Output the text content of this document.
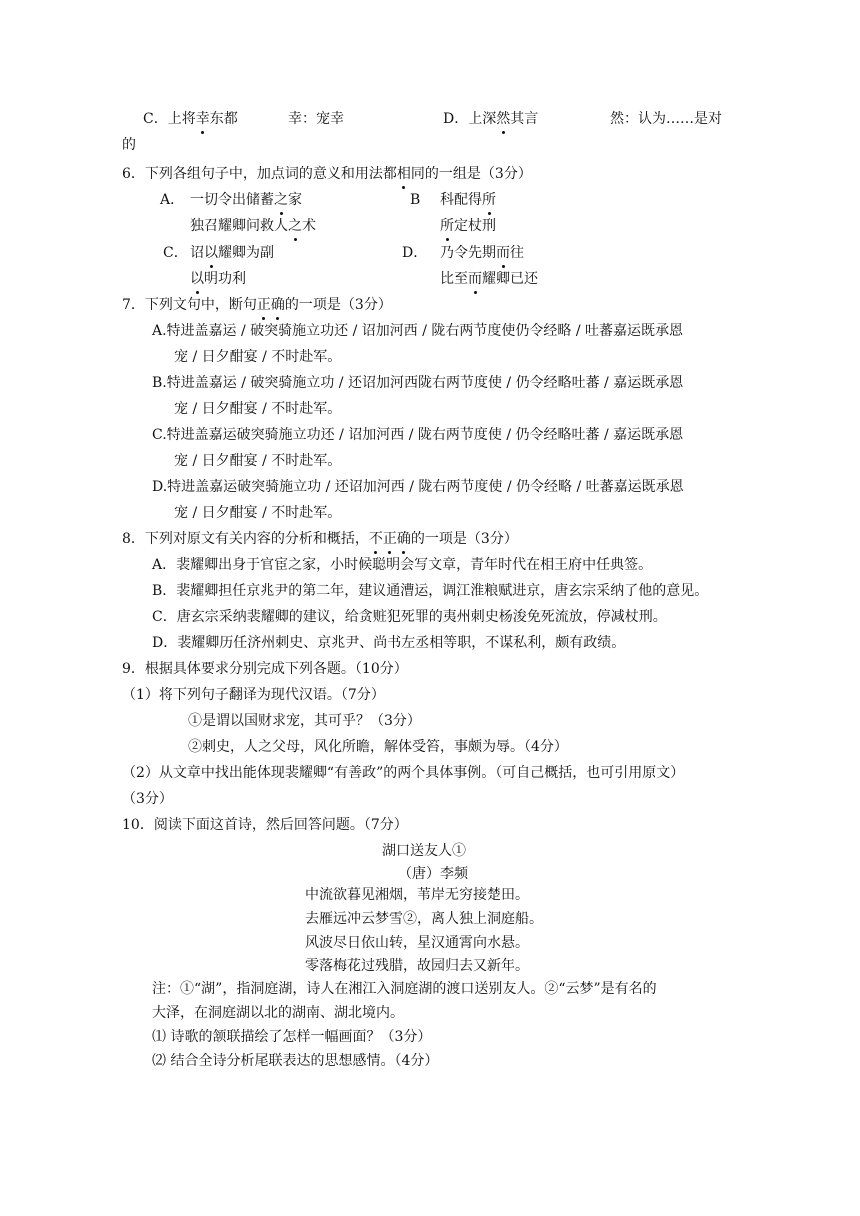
C．上将幸东都	幸：宠幸	D．上深然其言	然：认为……是对
的
6．下列各组句子中，加点词的意义和用法都相同的一组是（3分）
A． 一切令出储蓄之家	B 科配得所
独召耀卿问救人之术	所定杖刑
C． 诏以耀卿为副	D． 乃令先期而往
以明功利	比至而耀卿已还
7．下列文句中，断句正确的一项是（3分）
A.特进盖嘉运 / 破突骑施立功还 / 诏加河西 / 陇右两节度使仍令经略 / 吐蕃嘉运既承恩
宠 / 日夕酣宴 / 不时赴军。
B.特进盖嘉运 / 破突骑施立功 / 还诏加河西陇右两节度使 / 仍令经略吐蕃 / 嘉运既承恩
宠 / 日夕酣宴 / 不时赴军。
C.特进盖嘉运破突骑施立功还 / 诏加河西 / 陇右两节度使 / 仍令经略吐蕃 / 嘉运既承恩
宠 / 日夕酣宴 / 不时赴军。
D.特进盖嘉运破突骑施立功 / 还诏加河西 / 陇右两节度使 / 仍令经略 / 吐蕃嘉运既承恩
宠 / 日夕酣宴 / 不时赴军。
8．下列对原文有关内容的分析和概括，不正确的一项是（3分）
A．裴耀卿出身于官宦之家，小时候聪明会写文章，青年时代在相王府中任典签。
B．裴耀卿担任京兆尹的第二年，建议通漕运，调江淮粮赋进京，唐玄宗采纳了他的意见。
C．唐玄宗采纳裴耀卿的建议，给贪赃犯死罪的夷州刺史杨浚免死流放，停减杖刑。
D．裴耀卿历任济州刺史、京兆尹、尚书左丞相等职，不谋私利，颇有政绩。
9．根据具体要求分别完成下列各题。（10分）
（1）将下列句子翻译为现代汉语。（7分）
①是谓以国财求宠，其可乎？（3分）
②刺史，人之父母，风化所瞻，解体受笞，事颇为辱。（4分）
（2）从文章中找出能体现裴耀卿“有善政”的两个具体事例。（可自己概括，也可引用原文）
（3分）
10．阅读下面这首诗，然后回答问题。（7分）
湖口送友人①
（唐）李频
中流欲暮见湘烟，苇岸无穷接楚田。
去雁远冲云梦雪②，离人独上洞庭船。
风波尽日依山转，星汉通霄向水悬。
零落梅花过残腊，故园归去又新年。
注：①“湖”，指洞庭湖，诗人在湘江入洞庭湖的渡口送别友人。②“云梦”是有名的
大泽，在洞庭湖以北的湖南、湖北境内。
⑴ 诗歌的颔联描绘了怎样一幅画面？（3分）
⑵ 结合全诗分析尾联表达的思想感情。（4分）
